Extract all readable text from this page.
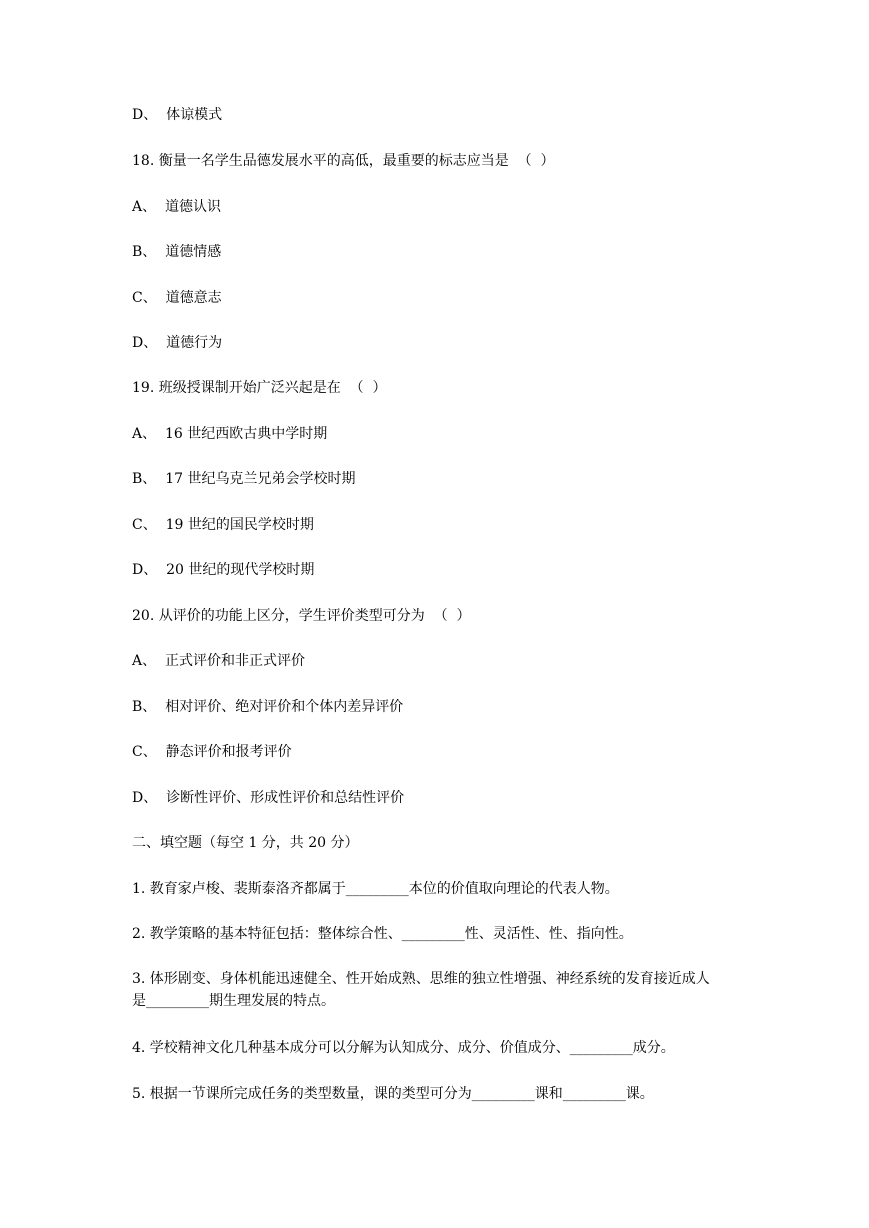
D、  体谅模式
18. 衡量一名学生品德发展水平的高低，最重要的标志应当是  （  ）
A、  道德认识
B、  道德情感
C、  道德意志
D、  道德行为
19. 班级授课制开始广泛兴起是在  （  ）
A、  16 世纪西欧古典中学时期
B、  17 世纪乌克兰兄弟会学校时期
C、  19 世纪的国民学校时期
D、  20 世纪的现代学校时期
20. 从评价的功能上区分，学生评价类型可分为  （  ）
A、  正式评价和非正式评价
B、  相对评价、绝对评价和个体内差异评价
C、  静态评价和报考评价
D、  诊断性评价、形成性评价和总结性评价
二、填空题（每空 1 分，共 20 分）
1. 教育家卢梭、裴斯泰洛齐都属于_________本位的价值取向理论的代表人物。
2. 教学策略的基本特征包括：整体综合性、_________性、灵活性、性、指向性。
3. 体形剧变、身体机能迅速健全、性开始成熟、思维的独立性增强、神经系统的发育接近成人是_________期生理发展的特点。
4. 学校精神文化几种基本成分可以分解为认知成分、成分、价值成分、_________成分。
5. 根据一节课所完成任务的类型数量，课的类型可分为_________课和_________课。
